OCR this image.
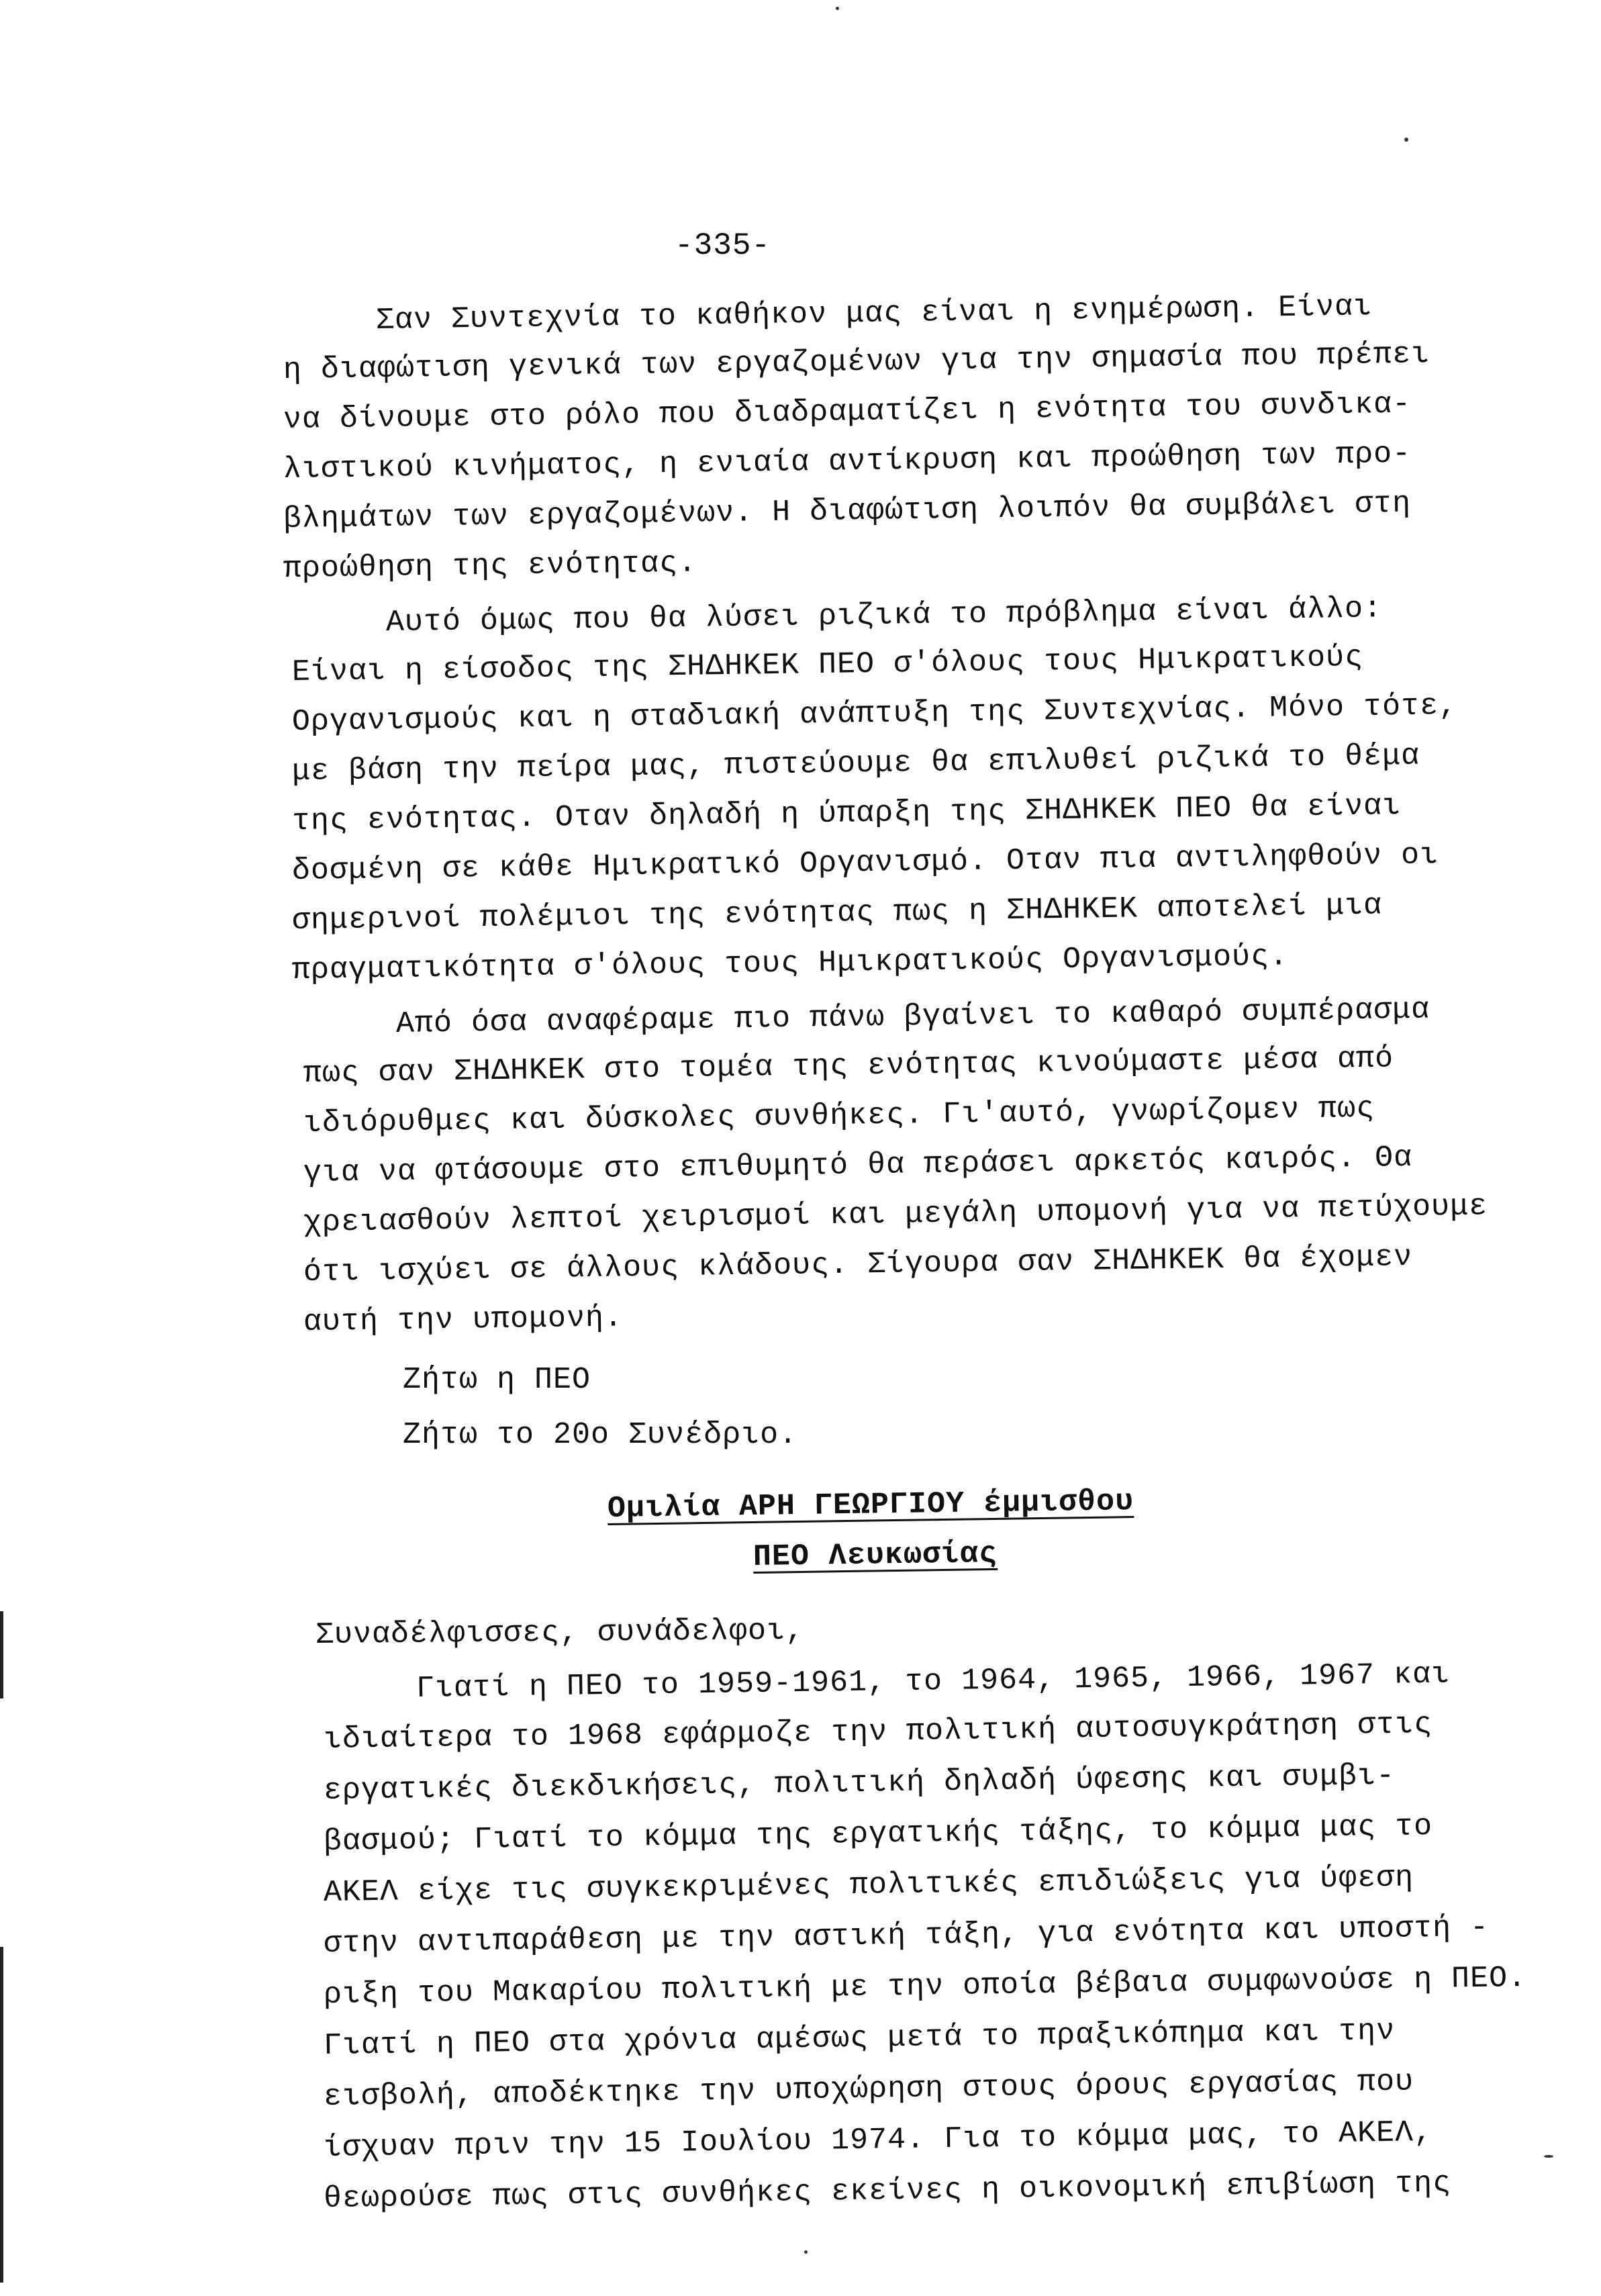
-335-
Σαν Συντεχνία το καθήκον μας είναι η ενημέρωση. Είναι
η διαφώτιση γενικά των εργαζομένων για την σημασία που πρέπει
να δίνουμε στο ρόλο που διαδραματίζει η ενότητα του συνδικα-
λιστικού κινήματος, η ενιαία αντίκρυση και προώθηση των προ-
βλημάτων των εργαζομένων. Η διαφώτιση λοιπόν θα συμβάλει στη
προώθηση της ενότητας.
Αυτό όμως που θα λύσει ριζικά το πρόβλημα είναι άλλο:
Είναι η είσοδος της ΣΗΔΗΚΕΚ ΠΕΟ σ'όλους τους Ημικρατικούς
Οργανισμούς και η σταδιακή ανάπτυξη της Συντεχνίας. Μόνο τότε,
με βάση την πείρα μας, πιστεύουμε θα επιλυθεί ριζικά το θέμα
της ενότητας. Οταν δηλαδή η ύπαρξη της ΣΗΔΗΚΕΚ ΠΕΟ θα είναι
δοσμένη σε κάθε Ημικρατικό Οργανισμό. Οταν πια αντιληφθούν οι
σημερινοί πολέμιοι της ενότητας πως η ΣΗΔΗΚΕΚ αποτελεί μια
πραγματικότητα σ'όλους τους Ημικρατικούς Οργανισμούς.
Από όσα αναφέραμε πιο πάνω βγαίνει το καθαρό συμπέρασμα
πως σαν ΣΗΔΗΚΕΚ στο τομέα της ενότητας κινούμαστε μέσα από
ιδιόρυθμες και δύσκολες συνθήκες. Γι'αυτό, γνωρίζομεν πως
για να φτάσουμε στο επιθυμητό θα περάσει αρκετός καιρός. Θα
χρειασθούν λεπτοί χειρισμοί και μεγάλη υπομονή για να πετύχουμε
ότι ισχύει σε άλλους κλάδους. Σίγουρα σαν ΣΗΔΗΚΕΚ θα έχομεν
αυτή την υπομονή.
Ζήτω η ΠΕΟ
Ζήτω το 20ο Συνέδριο.
Ομιλία ΑΡΗ ΓΕΩΡΓΙΟΥ έμμισθου
ΠΕΟ Λευκωσίας
Συναδέλφισσες, συνάδελφοι,
Γιατί η ΠΕΟ το 1959-1961, το 1964, 1965, 1966, 1967 και
ιδιαίτερα το 1968 εφάρμοζε την πολιτική αυτοσυγκράτηση στις
εργατικές διεκδικήσεις, πολιτική δηλαδή ύφεσης και συμβι-
βασμού; Γιατί το κόμμα της εργατικής τάξης, το κόμμα μας το
ΑΚΕΛ είχε τις συγκεκριμένες πολιτικές επιδιώξεις για ύφεση
στην αντιπαράθεση με την αστική τάξη, για ενότητα και υποστή -
ριξη του Μακαρίου πολιτική με την οποία βέβαια συμφωνούσε η ΠΕΟ.
Γιατί η ΠΕΟ στα χρόνια αμέσως μετά το πραξικόπημα και την
εισβολή, αποδέκτηκε την υποχώρηση στους όρους εργασίας που
ίσχυαν πριν την 15 Ιουλίου 1974. Για το κόμμα μας, το ΑΚΕΛ,
θεωρούσε πως στις συνθήκες εκείνες η οικονομική επιβίωση της
